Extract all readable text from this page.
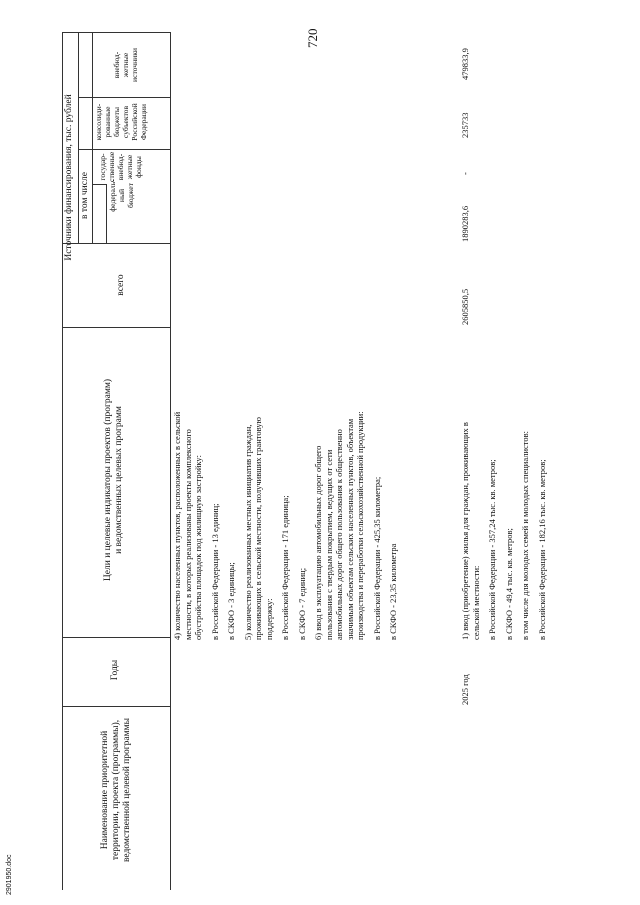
720
Наименование приоритетной территории, проекта (программы), ведомственной целевой программы
Годы
Цели и целевые индикаторы проектов (программ) и ведомственных целевых программ
Источники финансирования, тыс. рублей
всего
в том числе федераль- ный бюджет
государ- ственные внебюд- жетные фонды
консолиди- рованные бюджеты субъектов Российской Федерации
внебюд- жетные источники
4) количество населенных пунктов, расположенных в сельской местности, в которых реализованы проекты комплексного обустройства площадок под жилищную застройку: в Российской Федерации - 13 единиц; в СКФО - 3 единицы; 5) количество реализованных местных инициатив граждан, проживающих в сельской местности, получивших грантовую поддержку: в Российской Федерации - 171 единица; в СКФО - 7 единиц; 6) ввод в эксплуатацию автомобильных дорог общего пользования с твердым покрытием, ведущих от сети автомобильных дорог общего пользования к общественно значимым объектам сельских населенных пунктов, объектам производства и переработки сельскохозяйственной продукции: в Российской Федерации - 425,35 километра; в СКФО - 23,35 километра
2025 год
1) ввод (приобретение) жилья для граждан, проживающих в сельской местности: в Российской Федерации - 357,24 тыс. кв. метров; в СКФО - 49,4 тыс. кв. метров; в том числе для молодых семей и молодых специалистов: в Российской Федерации - 182,16 тыс. кв. метров;
2605850,5
1890283,6
-
235733
479833,9
2901950.doc
